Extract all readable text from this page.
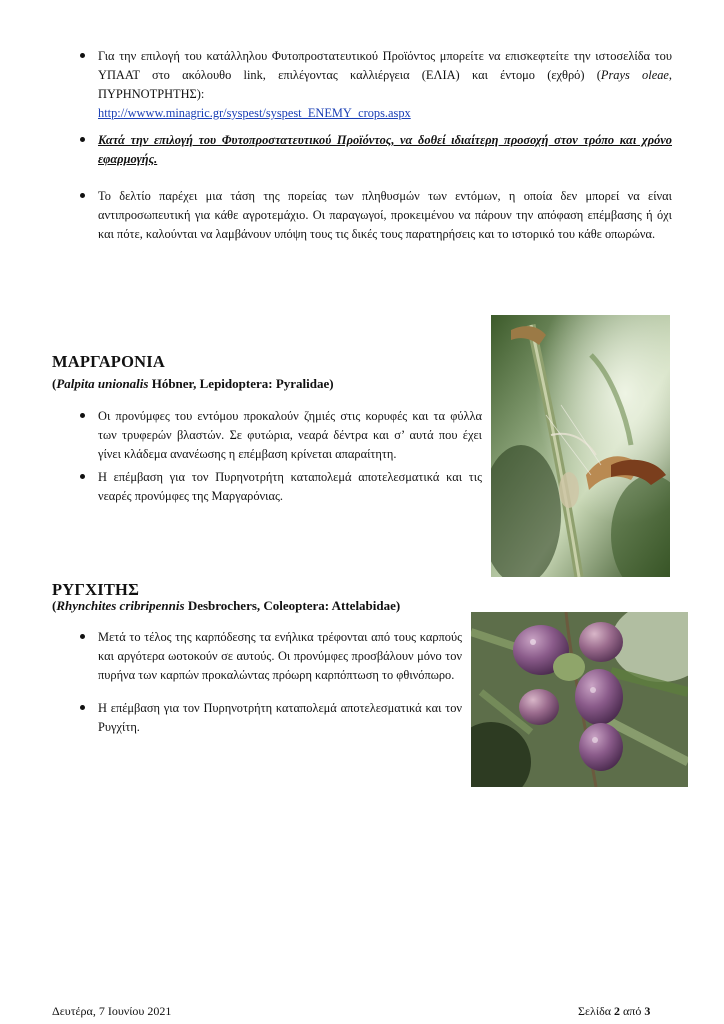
Για την επιλογή του κατάλληλου Φυτοπροστατευτικού Προϊόντος μπορείτε να επισκεφτείτε την ιστοσελίδα του ΥΠΑΑΤ στο ακόλουθο link, επιλέγοντας καλλιέργεια (ΕΛΙΑ) και έντομο (εχθρό) (Prays oleae, ΠΥΡΗΝΟΤΡΗΤΗΣ):
http://wwww.minagric.gr/syspest/syspest_ENEMY_crops.aspx
Κατά την επιλογή του Φυτοπροστατευτικού Προϊόντος, να δοθεί ιδιαίτερη προσοχή στον τρόπο και χρόνο εφαρμογής.
Το δελτίο παρέχει μια τάση της πορείας των πληθυσμών των εντόμων, η οποία δεν μπορεί να είναι αντιπροσωπευτική για κάθε αγροτεμάχιο. Οι παραγωγοί, προκειμένου να πάρουν την απόφαση επέμβασης ή όχι και πότε, καλούνται να λαμβάνουν υπόψη τους τις δικές τους παρατηρήσεις και το ιστορικό του κάθε οπωρώνα.
ΜΑΡΓΑΡΟΝΙΑ
(Palpita unionalis Hóbner, Lepidoptera: Pyralidae)
Οι προνύμφες του εντόμου προκαλούν ζημιές στις κορυφές και τα φύλλα των τρυφερών βλαστών. Σε φυτώρια, νεαρά δέντρα και σ’ αυτά που έχει γίνει κλάδεμα ανανέωσης η επέμβαση κρίνεται απαραίτητη.
Η επέμβαση για τον Πυρηνοτρήτη καταπολεμά αποτελεσματικά και τις νεαρές προνύμφες της Μαργαρόνιας.
ΡΥΓΧΙΤΗΣ
(Rhynchites cribripennis Desbrochers, Coleoptera: Attelabidae)
Μετά το τέλος της καρπόδεσης τα ενήλικα τρέφονται από τους καρπούς και αργότερα ωοτοκούν σε αυτούς. Οι προνύμφες προσβάλουν μόνο τον πυρήνα των καρπών προκαλώντας πρόωρη καρπόπτωση το φθινόπωρο.
Η επέμβαση για τον Πυρηνοτρήτη καταπολεμά αποτελεσματικά και τον Ρυγχίτη.
Δευτέρα, 7 Ιουνίου 2021	Σελίδα 2 από 3
